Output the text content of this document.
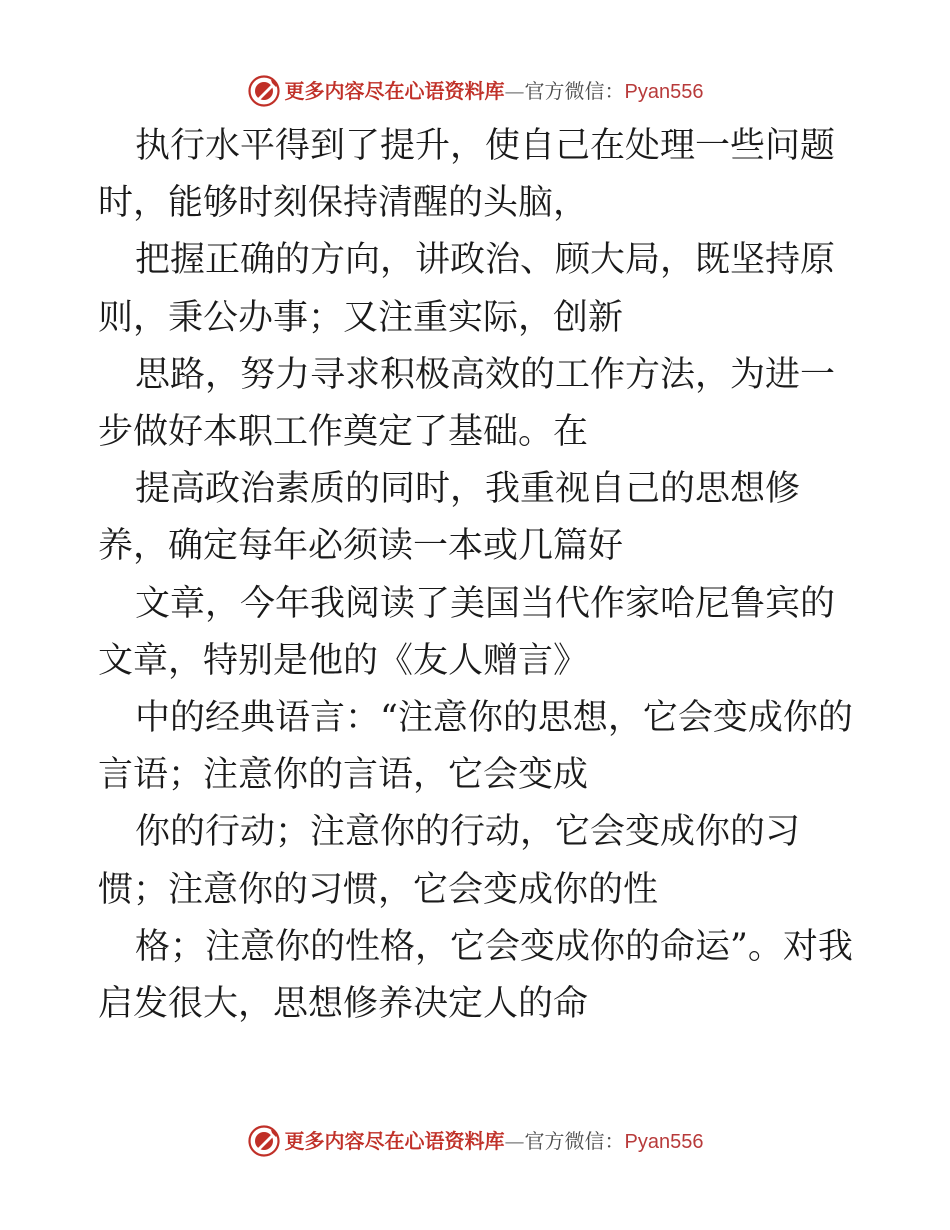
更多内容尽在心语资料库—官方微信：Pyan556

执行水平得到了提升，使自己在处理一些问题时，能够时刻保持清醒的头脑，

把握正确的方向，讲政治、顾大局，既坚持原则，秉公办事；又注重实际，创新

思路，努力寻求积极高效的工作方法，为进一步做好本职工作奠定了基础。在

提高政治素质的同时，我重视自己的思想修养，确定每年必须读一本或几篇好

文章，今年我阅读了美国当代作家哈尼鲁宾的文章，特别是他的《友人赠言》

中的经典语言：“注意你的思想，它会变成你的言语；注意你的言语，它会变成

你的行动；注意你的行动，它会变成你的习惯；注意你的习惯，它会变成你的性

格；注意你的性格，它会变成你的命运”。对我启发很大，思想修养决定人的命

更多内容尽在心语资料库—官方微信：Pyan556
